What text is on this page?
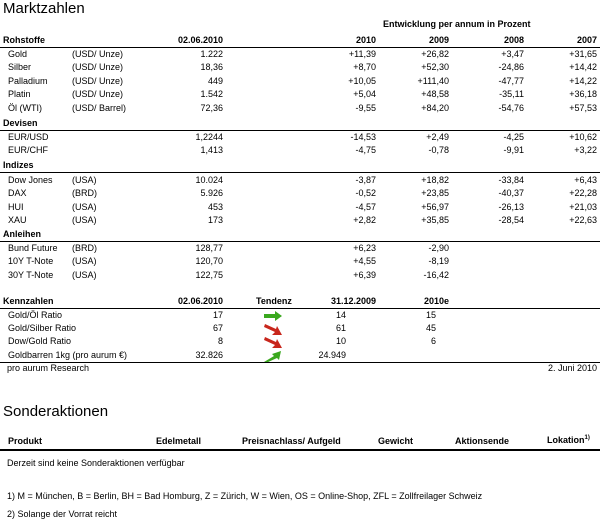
Marktzahlen
Entwicklung per annum in Prozent
Rohstoffe	02.06.2010	2010	2009	2008	2007
Gold	(USD/ Unze)	1.222	+11,39	+26,82	+3,47	+31,65
Silber	(USD/ Unze)	18,36	+8,70	+52,30	-24,86	+14,42
Palladium	(USD/ Unze)	449	+10,05	+111,40	-47,77	+14,22
Platin	(USD/ Unze)	1.542	+5,04	+48,58	-35,11	+36,18
Öl (WTI)	(USD/ Barrel)	72,36	-9,55	+84,20	-54,76	+57,53
Devisen
EUR/USD	1,2244	-14,53	+2,49	-4,25	+10,62
EUR/CHF	1,413	-4,75	-0,78	-9,91	+3,22
Indizes
Dow Jones (USA)	10.024	-3,87	+18,82	-33,84	+6,43
DAX	(BRD)	5.926	-0,52	+23,85	-40,37	+22,28
HUI	(USA)	453	-4,57	+56,97	-26,13	+21,03
XAU	(USA)	173	+2,82	+35,85	-28,54	+22,63
Anleihen
Bund Future (BRD)	128,77	+6,23	-2,90
10Y T-Note (USA)	120,70	+4,55	-8,19
30Y T-Note (USA)	122,75	+6,39	-16,42
Kennzahlen	02.06.2010	Tendenz	31.12.2009	2010e
Gold/Öl Ratio	17	14	15
Gold/Silber Ratio	67	61	45
Dow/Gold Ratio	8	10	6
Goldbarren 1kg (pro aurum €)	32.826	24.949
pro aurum Research	2. Juni 2010
Sonderaktionen
Produkt	Edelmetall	Preisnachlass/ Aufgeld	Gewicht	Aktionsende	Lokation$^{1)}$
Derzeit sind keine Sonderaktionen verfügbar
1) M = München, B = Berlin, BH = Bad Homburg, Z = Zürich, W = Wien, OS = Online-Shop, ZFL = Zollfreilager Schweiz
2) Solange der Vorrat reicht
